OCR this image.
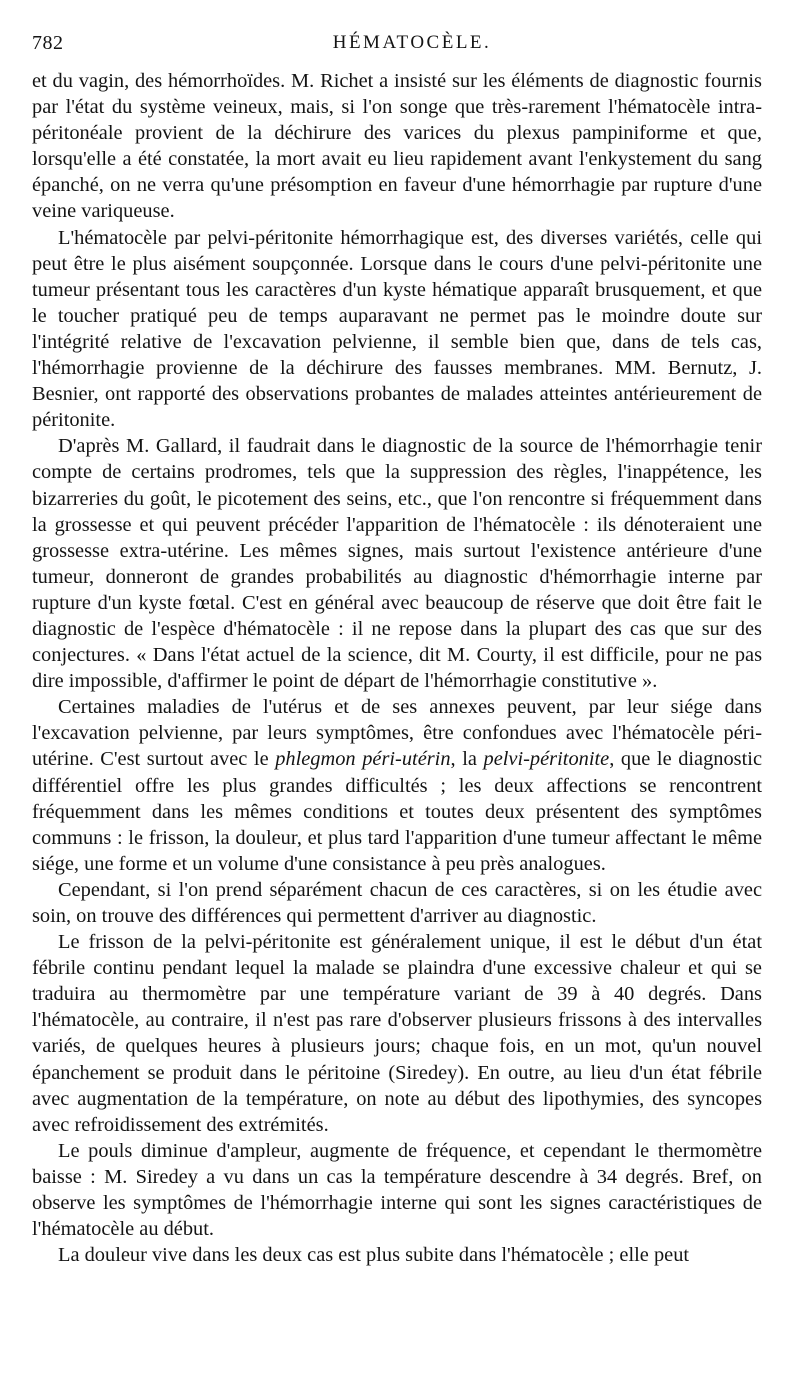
782	HÉMATOCÈLE.

et du vagin, des hémorrhoïdes. M. Richet a insisté sur les éléments de diagnostic fournis par l'état du système veineux, mais, si l'on songe que très-rarement l'hématocèle intra-péritonéale provient de la déchirure des varices du plexus pampiniforme et que, lorsqu'elle a été constatée, la mort avait eu lieu rapidement avant l'enkystement du sang épanché, on ne verra qu'une présomption en faveur d'une hémorrhagie par rupture d'une veine variqueuse.

L'hématocèle par pelvi-péritonite hémorrhagique est, des diverses variétés, celle qui peut être le plus aisément soupçonnée. Lorsque dans le cours d'une pelvi-péritonite une tumeur présentant tous les caractères d'un kyste hématique apparaît brusquement, et que le toucher pratiqué peu de temps auparavant ne permet pas le moindre doute sur l'intégrité relative de l'excavation pelvienne, il semble bien que, dans de tels cas, l'hémorrhagie provienne de la déchirure des fausses membranes. MM. Bernutz, J. Besnier, ont rapporté des observations probantes de malades atteintes antérieurement de péritonite.

D'après M. Gallard, il faudrait dans le diagnostic de la source de l'hémorrhagie tenir compte de certains prodromes, tels que la suppression des règles, l'inappétence, les bizarreries du goût, le picotement des seins, etc., que l'on rencontre si fréquemment dans la grossesse et qui peuvent précéder l'apparition de l'hématocèle : ils dénoteraient une grossesse extra-utérine. Les mêmes signes, mais surtout l'existence antérieure d'une tumeur, donneront de grandes probabilités au diagnostic d'hémorrhagie interne par rupture d'un kyste fœtal. C'est en général avec beaucoup de réserve que doit être fait le diagnostic de l'espèce d'hématocèle : il ne repose dans la plupart des cas que sur des conjectures. « Dans l'état actuel de la science, dit M. Courty, il est difficile, pour ne pas dire impossible, d'affirmer le point de départ de l'hémorrhagie constitutive ».

Certaines maladies de l'utérus et de ses annexes peuvent, par leur siége dans l'excavation pelvienne, par leurs symptômes, être confondues avec l'hématocèle péri-utérine. C'est surtout avec le phlegmon péri-utérin, la pelvi-péritonite, que le diagnostic différentiel offre les plus grandes difficultés ; les deux affections se rencontrent fréquemment dans les mêmes conditions et toutes deux présentent des symptômes communs : le frisson, la douleur, et plus tard l'apparition d'une tumeur affectant le même siége, une forme et un volume d'une consistance à peu près analogues.

Cependant, si l'on prend séparément chacun de ces caractères, si on les étudie avec soin, on trouve des différences qui permettent d'arriver au diagnostic.

Le frisson de la pelvi-péritonite est généralement unique, il est le début d'un état fébrile continu pendant lequel la malade se plaindra d'une excessive chaleur et qui se traduira au thermomètre par une température variant de 39 à 40 degrés. Dans l'hématocèle, au contraire, il n'est pas rare d'observer plusieurs frissons à des intervalles variés, de quelques heures à plusieurs jours; chaque fois, en un mot, qu'un nouvel épanchement se produit dans le péritoine (Siredey). En outre, au lieu d'un état fébrile avec augmentation de la température, on note au début des lipothymies, des syncopes avec refroidissement des extrémités.

Le pouls diminue d'ampleur, augmente de fréquence, et cependant le thermomètre baisse : M. Siredey a vu dans un cas la température descendre à 34 degrés. Bref, on observe les symptômes de l'hémorrhagie interne qui sont les signes caractéristiques de l'hématocèle au début.

La douleur vive dans les deux cas est plus subite dans l'hématocèle ; elle peut
